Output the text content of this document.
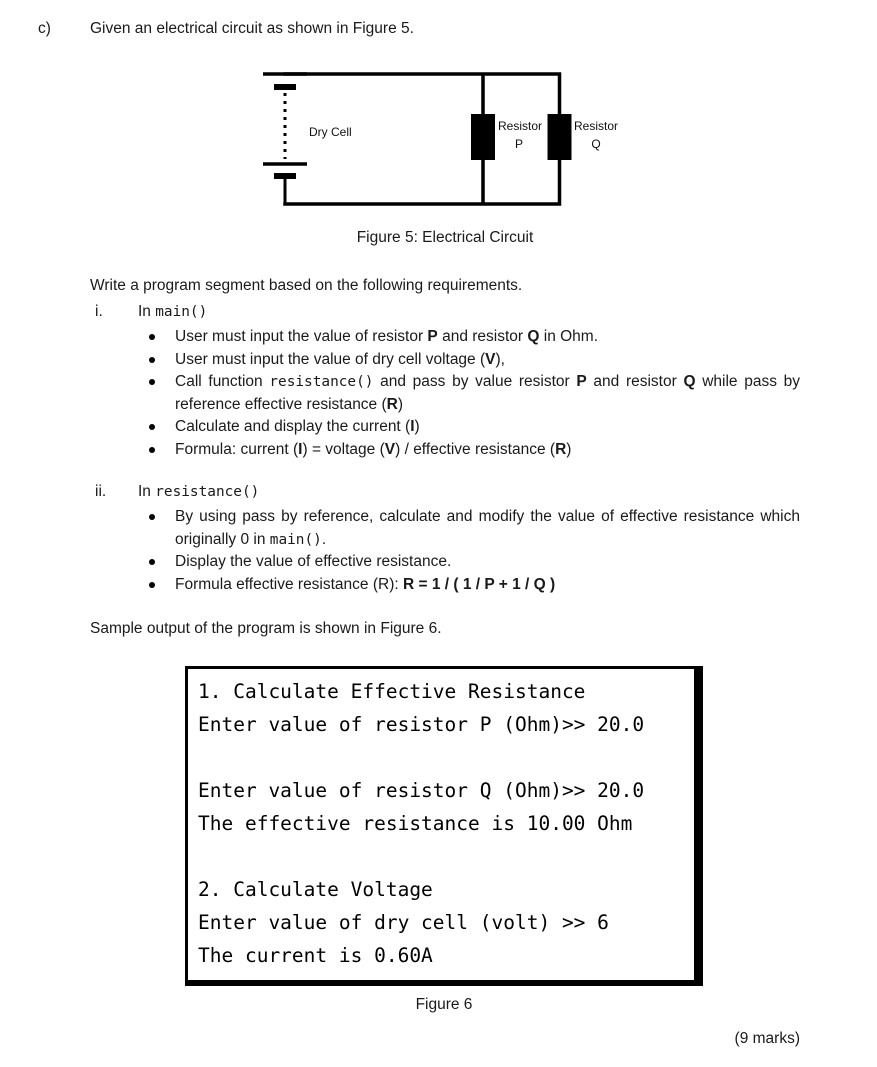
c)	Given an electrical circuit as shown in Figure 5.
Dry Cell	Resistor
P
Resistor
Q
Figure 5: Electrical Circuit

Write a program segment based on the following requirements.

i.	In main()
User must input the value of resistor P and resistor Q in Ohm.
User must input the value of dry cell voltage (V),
Call function resistance() and pass by value resistor P and resistor Q while pass by reference effective resistance (R)
Calculate and display the current (I)
Formula: current (I) = voltage (V) / effective resistance (R)
ii.	In resistance()
By using pass by reference, calculate and modify the value of effective resistance which originally 0 in main().
Display the value of effective resistance.
Formula effective resistance (R): R = 1 / ( 1 / P + 1 / Q )

Sample output of the program is shown in Figure 6.

1. Calculate Effective Resistance
Enter value of resistor P (Ohm)>> 20.0
Enter value of resistor Q (Ohm)>> 20.0
The effective resistance is 10.00 Ohm
2. Calculate Voltage
Enter value of dry cell (volt) >> 6
The current is 0.60A
Figure 6
(9 marks)
